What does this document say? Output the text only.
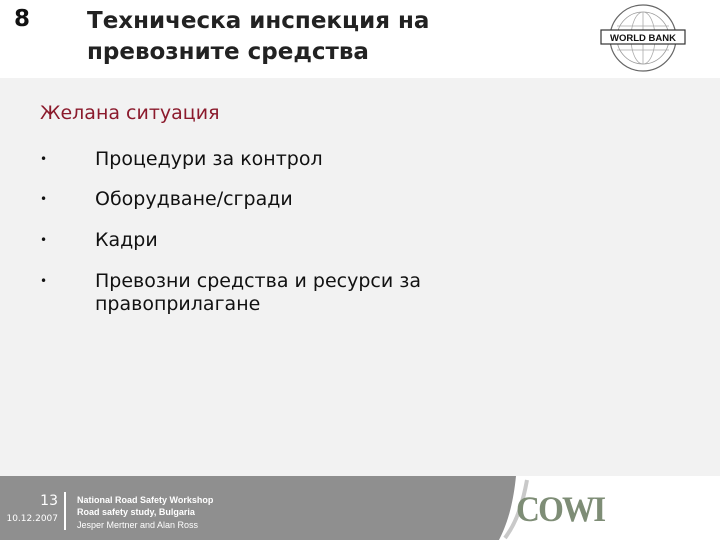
8 Техническа инспекция на
превозните средства
WORLD BANK
Желана ситуация
•	Процедури за контрол
•	Оборудване/сгради
•	Кадри
•	Превозни средства и ресурси за
правоприлагане
13
10.12.2007
National Road Safety Workshop
Road safety study, Bulgaria
Jesper Mertner and Alan Ross	COWI
